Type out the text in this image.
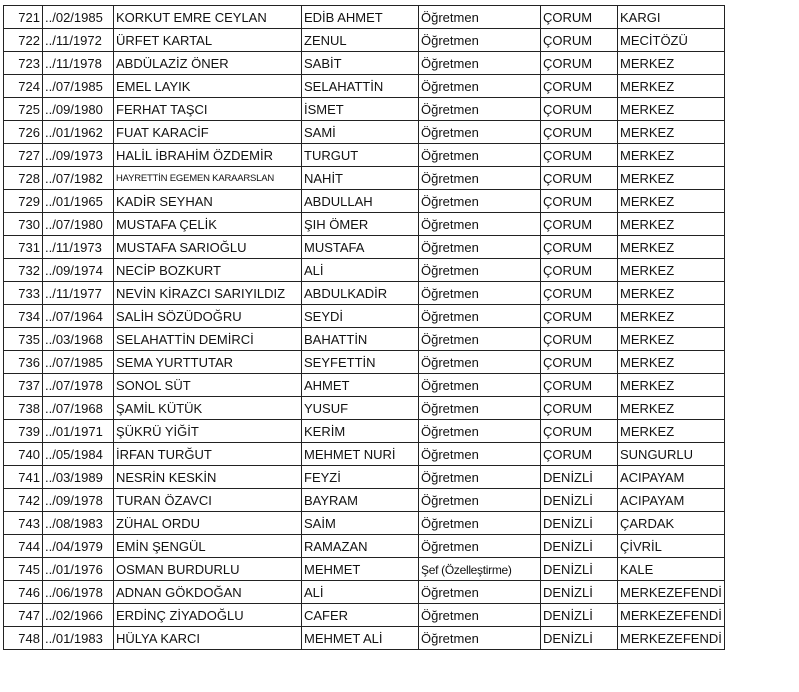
721	../02/1985	KORKUT EMRE CEYLAN	EDİB AHMET	Öğretmen	ÇORUM	KARGI
722	../11/1972	ÜRFET KARTAL	ZENUL	Öğretmen	ÇORUM	MECİTÖZÜ
723	../11/1978	ABDÜLAZİZ ÖNER	SABİT	Öğretmen	ÇORUM	MERKEZ
724	../07/1985	EMEL LAYIK	SELAHATTİN	Öğretmen	ÇORUM	MERKEZ
725	../09/1980	FERHAT TAŞCI	İSMET	Öğretmen	ÇORUM	MERKEZ
726	../01/1962	FUAT KARACİF	SAMİ	Öğretmen	ÇORUM	MERKEZ
727	../09/1973	HALİL İBRAHİM ÖZDEMİR	TURGUT	Öğretmen	ÇORUM	MERKEZ
728	../07/1982	HAYRETTİN EGEMEN KARAARSLAN	NAHİT	Öğretmen	ÇORUM	MERKEZ
729	../01/1965	KADİR SEYHAN	ABDULLAH	Öğretmen	ÇORUM	MERKEZ
730	../07/1980	MUSTAFA ÇELİK	ŞIH ÖMER	Öğretmen	ÇORUM	MERKEZ
731	../11/1973	MUSTAFA SARIOĞLU	MUSTAFA	Öğretmen	ÇORUM	MERKEZ
732	../09/1974	NECİP BOZKURT	ALİ	Öğretmen	ÇORUM	MERKEZ
733	../11/1977	NEVİN KİRAZCI SARIYILDIZ	ABDULKADİR	Öğretmen	ÇORUM	MERKEZ
734	../07/1964	SALİH SÖZÜDOĞRU	SEYDİ	Öğretmen	ÇORUM	MERKEZ
735	../03/1968	SELAHATTİN DEMİRCİ	BAHATTİN	Öğretmen	ÇORUM	MERKEZ
736	../07/1985	SEMA YURTTUTAR	SEYFETTİN	Öğretmen	ÇORUM	MERKEZ
737	../07/1978	SONOL SÜT	AHMET	Öğretmen	ÇORUM	MERKEZ
738	../07/1968	ŞAMİL KÜTÜK	YUSUF	Öğretmen	ÇORUM	MERKEZ
739	../01/1971	ŞÜKRÜ YİĞİT	KERİM	Öğretmen	ÇORUM	MERKEZ
740	../05/1984	İRFAN TURĞUT	MEHMET NURİ	Öğretmen	ÇORUM	SUNGURLU
741	../03/1989	NESRİN KESKİN	FEYZİ	Öğretmen	DENİZLİ	ACIPAYAM
742	../09/1978	TURAN ÖZAVCI	BAYRAM	Öğretmen	DENİZLİ	ACIPAYAM
743	../08/1983	ZÜHAL ORDU	SAİM	Öğretmen	DENİZLİ	ÇARDAK
744	../04/1979	EMİN ŞENGÜL	RAMAZAN	Öğretmen	DENİZLİ	ÇİVRİL
745	../01/1976	OSMAN BURDURLU	MEHMET	Şef (Özelleştirme)	DENİZLİ	KALE
746	../06/1978	ADNAN GÖKDOĞAN	ALİ	Öğretmen	DENİZLİ	MERKEZEFENDİ
747	../02/1966	ERDİNÇ ZİYADOĞLU	CAFER	Öğretmen	DENİZLİ	MERKEZEFENDİ
748	../01/1983	HÜLYA KARCI	MEHMET ALİ	Öğretmen	DENİZLİ	MERKEZEFENDİ
